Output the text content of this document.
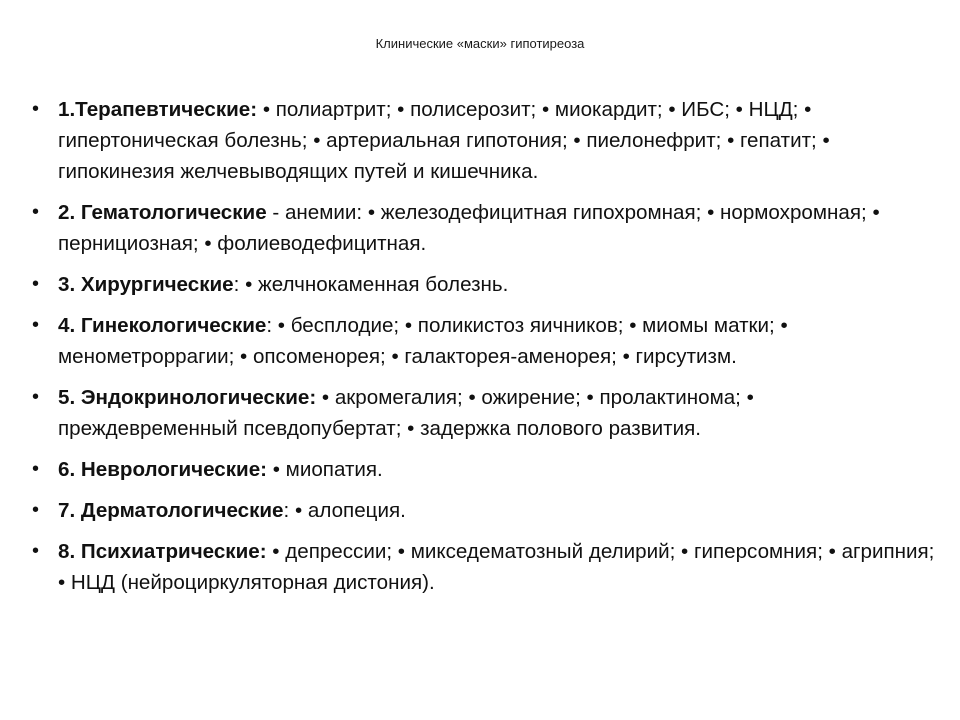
Клинические «маски» гипотиреоза
• 1.Терапевтические: • полиартрит; • полисерозит; • миокардит; • ИБС; • НЦД; • гипертоническая болезнь; • артериальная гипотония; • пиелонефрит; • гепатит; • гипокинезия желчевыводящих путей и кишечника.
• 2. Гематологические - анемии: • железодефицитная гипохромная; • нормохромная; • пернициозная; • фолиеводефицитная.
• 3. Хирургические: • желчнокаменная болезнь.
• 4. Гинекологические: • бесплодие; • поликистоз яичников; • миомы матки; • менометроррагии; • опсоменорея; • галакторея-аменорея; • гирсутизм.
• 5. Эндокринологические: • акромегалия; • ожирение; • пролактинома; • преждевременный псевдопубертат; • задержка полового развития.
• 6. Неврологические: • миопатия.
• 7. Дерматологические: • алопеция.
• 8. Психиатрические: • депрессии; • микседематозный делирий; • гиперсомния; • агрипния; • НЦД (нейроциркуляторная дистония).
